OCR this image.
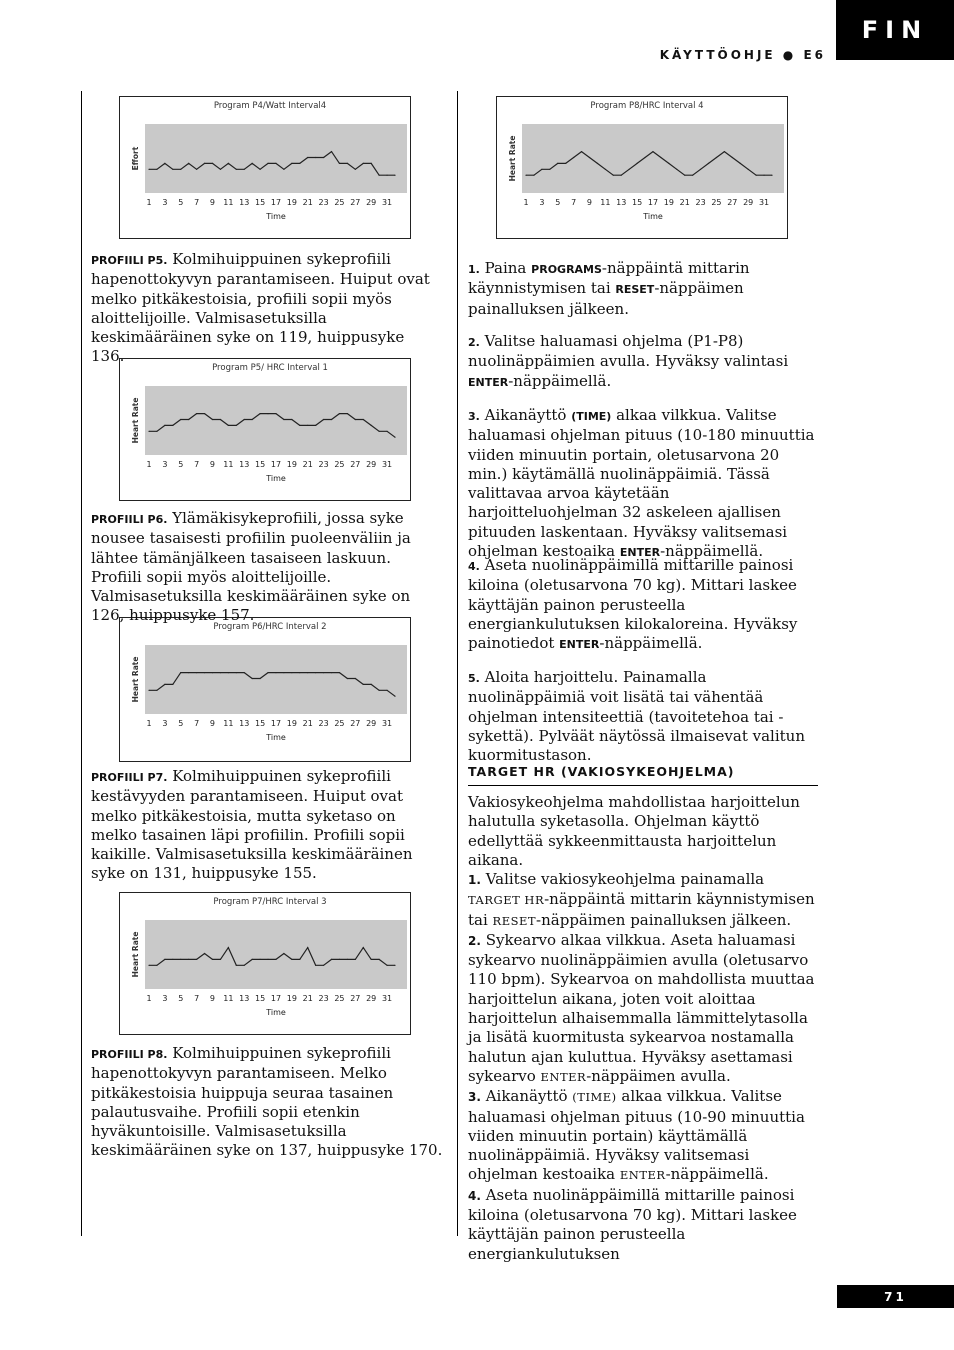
KÄYTTÖOHJE ● E6
FIN
71
Program P4/Watt Interval4
Effort
1 3 5 7 9 11 13 15 17 19 21 23 25 27 29 31
Time
Program P5/ HRC Interval 1
Heart Rate
1 3 5 7 9 11 13 15 17 19 21 23 25 27 29 31
Time
Program P6/HRC Interval 2
Heart Rate
1 3 5 7 9 11 13 15 17 19 21 23 25 27 29 31
Time
Program P7/HRC Interval 3
Heart Rate
1 3 5 7 9 11 13 15 17 19 21 23 25 27 29 31
Time
Program P8/HRC Interval 4
Heart Rate
1 3 5 7 9 11 13 15 17 19 21 23 25 27 29 31
Time

PROFIILI P5. Kolmihuippuinen sykeprofiili hapenottokyvyn parantamiseen. Huiput ovat melko pitkäkestoisia, profiili sopii myös aloittelijoille. Valmisasetuksilla keskimääräinen syke on 119, huippusyke 136.

PROFIILI P6. Ylämäkisykeprofiili, jossa syke nousee tasaisesti profiilin puoleenväliin ja lähtee tämänjälkeen tasaiseen laskuun. Profiili sopii myös aloittelijoille. Valmisasetuksilla keskimääräinen syke on 126, huippusyke 157.

PROFIILI P7. Kolmihuippuinen sykeprofiili kestävyyden parantamiseen. Huiput ovat melko pitkäkestoisia, mutta syketaso on melko tasainen läpi profiilin. Profiili sopii kaikille. Valmisasetuksilla keskimääräinen syke on 131, huippusyke 155.

PROFIILI P8. Kolmihuippuinen sykeprofiili hapenottokyvyn parantamiseen. Melko pitkäkestoisia huippuja seuraa tasainen palautusvaihe. Profiili sopii etenkin hyväkuntoisille. Valmisasetuksilla keskimääräinen syke on 137, huippusyke 170.

1. Paina PROGRAMS-näppäintä mittarin käynnistymisen tai RESET-näppäimen painalluksen jälkeen.

2. Valitse haluamasi ohjelma (P1-P8) nuolinäppäimien avulla. Hyväksy valintasi ENTER-näppäimellä.

3. Aikanäyttö (TIME) alkaa vilkkua. Valitse haluamasi ohjelman pituus (10-180 minuuttia viiden minuutin portain, oletusarvona 20 min.) käytämällä nuolinäppäimiä. Tässä valittavaa arvoa käytetään harjoitteluohjelman 32 askeleen ajallisen pituuden laskentaan. Hyväksy valitsemasi ohjelman kestoaika ENTER-näppäimellä.

4. Aseta nuolinäppäimillä mittarille painosi kiloina (oletusarvona 70 kg). Mittari laskee käyttäjän painon perusteella energiankulutuksen kilokaloreina. Hyväksy painotiedot ENTER-näppäimellä.

5. Aloita harjoittelu. Painamalla nuolinäppäimiä voit lisätä tai vähentää ohjelman intensiteettiä (tavoitetehoa tai -sykettä). Pylväät näytössä ilmaisevat valitun kuormitustason.

TARGET HR (VAKIOSYKEOHJELMA)

Vakiosykeohjelma mahdollistaa harjoittelun halutulla syketasolla. Ohjelman käyttö edellyttää sykkeenmittausta harjoittelun aikana.

1. Valitse vakiosykeohjelma painamalla TARGET HR-näppäintä mittarin käynnistymisen tai RESET-näppäimen painalluksen jälkeen.
2. Sykearvo alkaa vilkkua. Aseta haluamasi sykearvo nuolinäppäimien avulla (oletusarvo 110 bpm). Sykearvoa on mahdollista muuttaa harjoittelun aikana, joten voit aloittaa harjoittelun alhaisemmalla lämmittelytasolla ja lisätä kuormitusta sykearvoa nostamalla halutun ajan kuluttua. Hyväksy asettamasi sykearvo ENTER-näppäimen avulla.
3. Aikanäyttö (TIME) alkaa vilkkua. Valitse haluamasi ohjelman pituus (10-90 minuuttia viiden minuutin portain) käyttämällä nuolinäppäimiä. Hyväksy valitsemasi ohjelman kestoaika ENTER-näppäimellä.
4. Aseta nuolinäppäimillä mittarille painosi kiloina (oletusarvona 70 kg). Mittari laskee käyttäjän painon perusteella energiankulutuksen
